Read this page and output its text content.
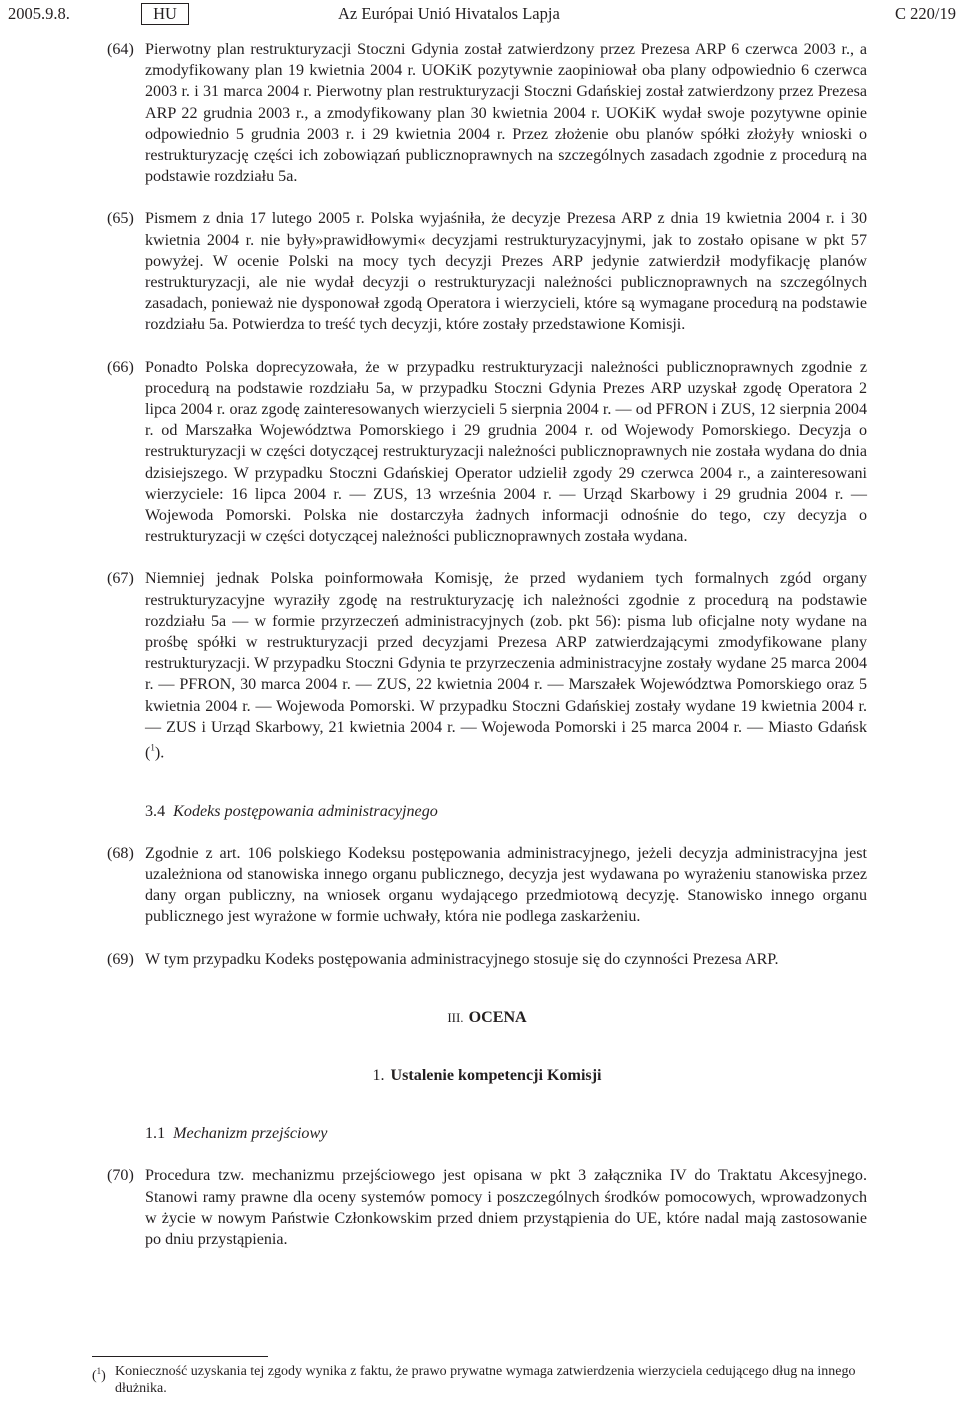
2005.9.8.	HU	Az Európai Unió Hivatalos Lapja	C 220/19
(64) Pierwotny plan restrukturyzacji Stoczni Gdynia został zatwierdzony przez Prezesa ARP 6 czerwca 2003 r., a zmodyfikowany plan 19 kwietnia 2004 r. UOKiK pozytywnie zaopiniował oba plany odpowiednio 6 czerwca 2003 r. i 31 marca 2004 r. Pierwotny plan restrukturyzacji Stoczni Gdańskiej został zatwierdzony przez Prezesa ARP 22 grudnia 2003 r., a zmodyfikowany plan 30 kwietnia 2004 r. UOKiK wydał swoje pozytywne opinie odpowiednio 5 grudnia 2003 r. i 29 kwietnia 2004 r. Przez złożenie obu planów spółki złożyły wnioski o restrukturyzację części ich zobowiązań publicznoprawnych na szczególnych zasadach zgodnie z procedurą na podstawie rozdziału 5a.
(65) Pismem z dnia 17 lutego 2005 r. Polska wyjaśniła, że decyzje Prezesa ARP z dnia 19 kwietnia 2004 r. i 30 kwietnia 2004 r. nie były»prawidłowymi« decyzjami restrukturyzacyjnymi, jak to zostało opisane w pkt 57 powyżej. W ocenie Polski na mocy tych decyzji Prezes ARP jedynie zatwierdził modyfikację planów restrukturyzacji, ale nie wydał decyzji o restrukturyzacji należności publicznoprawnych na szczególnych zasadach, ponieważ nie dysponował zgodą Operatora i wierzycieli, które są wymagane procedurą na podstawie rozdziału 5a. Potwierdza to treść tych decyzji, które zostały przedstawione Komisji.
(66) Ponadto Polska doprecyzowała, że w przypadku restrukturyzacji należności publicznoprawnych zgodnie z procedurą na podstawie rozdziału 5a, w przypadku Stoczni Gdynia Prezes ARP uzyskał zgodę Operatora 2 lipca 2004 r. oraz zgodę zainteresowanych wierzycieli 5 sierpnia 2004 r. — od PFRON i ZUS, 12 sierpnia 2004 r. od Marszałka Województwa Pomorskiego i 29 grudnia 2004 r. od Wojewody Pomorskiego. Decyzja o restrukturyzacji w części dotyczącej restrukturyzacji należności publicznoprawnych nie została wydana do dnia dzisiejszego. W przypadku Stoczni Gdańskiej Operator udzielił zgody 29 czerwca 2004 r., a zainteresowani wierzyciele: 16 lipca 2004 r. — ZUS, 13 września 2004 r. — Urząd Skarbowy i 29 grudnia 2004 r. — Wojewoda Pomorski. Polska nie dostarczyła żadnych informacji odnośnie do tego, czy decyzja o restrukturyzacji w części dotyczącej należności publicznoprawnych została wydana.
(67) Niemniej jednak Polska poinformowała Komisję, że przed wydaniem tych formalnych zgód organy restrukturyzacyjne wyraziły zgodę na restrukturyzację ich należności zgodnie z procedurą na podstawie rozdziału 5a — w formie przyrzeczeń administracyjnych (zob. pkt 56): pisma lub oficjalne noty wydane na prośbę spółki w restrukturyzacji przed decyzjami Prezesa ARP zatwierdzającymi zmodyfikowane plany restrukturyzacji. W przypadku Stoczni Gdynia te przyrzeczenia administracyjne zostały wydane 25 marca 2004 r. — PFRON, 30 marca 2004 r. — ZUS, 22 kwietnia 2004 r. — Marszałek Województwa Pomorskiego oraz 5 kwietnia 2004 r. — Wojewoda Pomorski. W przypadku Stoczni Gdańskiej zostały wydane 19 kwietnia 2004 r. — ZUS i Urząd Skarbowy, 21 kwietnia 2004 r. — Wojewoda Pomorski i 25 marca 2004 r. — Miasto Gdańsk ($^1$).
3.4 Kodeks postępowania administracyjnego
(68) Zgodnie z art. 106 polskiego Kodeksu postępowania administracyjnego, jeżeli decyzja administracyjna jest uzależniona od stanowiska innego organu publicznego, decyzja jest wydawana po wyrażeniu stanowiska przez dany organ publiczny, na wniosek organu wydającego przedmiotową decyzję. Stanowisko innego organu publicznego jest wyrażone w formie uchwały, która nie podlega zaskarżeniu.
(69) W tym przypadku Kodeks postępowania administracyjnego stosuje się do czynności Prezesa ARP.
III. OCENA
1. Ustalenie kompetencji Komisji
1.1 Mechanizm przejściowy
(70) Procedura tzw. mechanizmu przejściowego jest opisana w pkt 3 załącznika IV do Traktatu Akcesyjnego. Stanowi ramy prawne dla oceny systemów pomocy i poszczególnych środków pomocowych, wprowadzonych w życie w nowym Państwie Członkowskim przed dniem przystąpienia do UE, które nadal mają zastosowanie po dniu przystąpienia.
($^1$) Konieczność uzyskania tej zgody wynika z faktu, że prawo prywatne wymaga zatwierdzenia wierzyciela cedującego dług na innego dłużnika.
